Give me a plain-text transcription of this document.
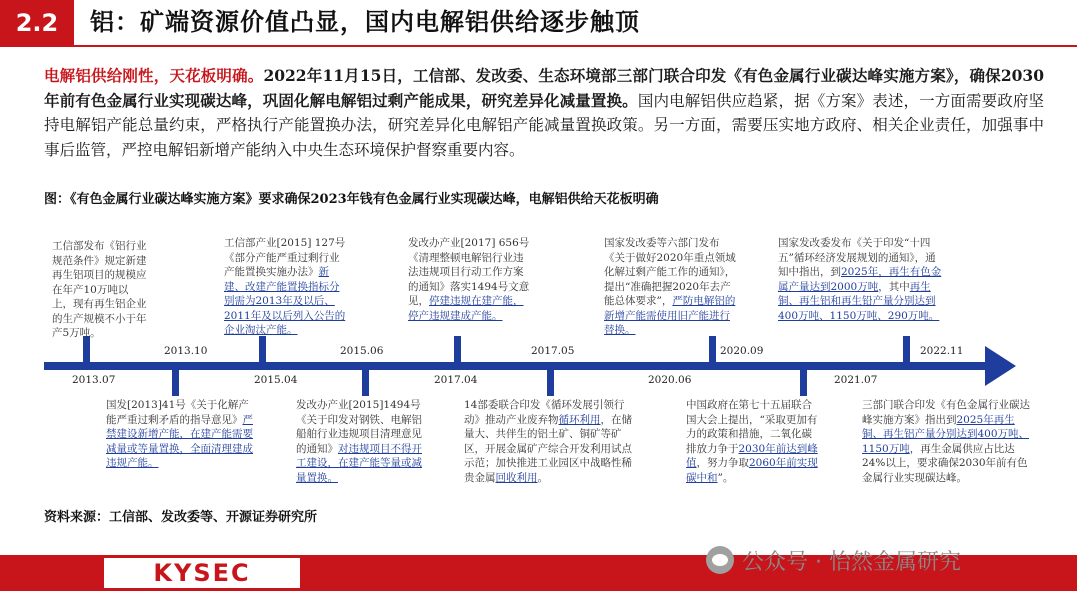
2.2	铝：矿端资源价值凸显，国内电解铝供给逐步触顶
电解铝供给刚性，天花板明确。2022年11月15日，工信部、发改委、生态环境部三部门联合印发《有色金属行业碳达峰实施方案》，确保2030年前有色金属行业实现碳达峰，巩固化解电解铝过剩产能成果，研究差异化减量置换。国内电解铝供应趋紧，据《方案》表述，一方面需要政府坚持电解铝产能总量约束，严格执行产能置换办法，研究差异化电解铝产能减量置换政策。另一方面，需要压实地方政府、相关企业责任，加强事中事后监管，严控电解铝新增产能纳入中央生态环境保护督察重要内容。
图：《有色金属行业碳达峰实施方案》要求确保2023年钱有色金属行业实现碳达峰，电解铝供给天花板明确
2013.10	2015.06	2017.05	2020.09	2022.11
2013.07	2015.04	2017.04	2020.06	2021.07
工信部发布《铝行业规范条件》规定新建再生铝项目的规模应在年产10万吨以上，现有再生铝企业的生产规模不小于年产5万吨。
工信部产业[2015] 127号《部分产能严重过剩行业产能置换实施办法》新建、改建产能置换指标分别需为2013年及以后、2011年及以后列入公告的企业淘汰产能。
发改办产业[2017] 656号《清理整顿电解铝行业违法违规项目行动工作方案的通知》落实1494号文意见，停建违规在建产能，停产违规建成产能。
国家发改委等六部门发布《关于做好2020年重点领域化解过剩产能工作的通知》，提出“准确把握2020年去产能总体要求”，严防电解铝的新增产能需使用旧产能进行替换。
国家发改委发布《关于印发“十四五”循环经济发展规划的通知》，通知中指出，到2025年，再生有色金属产量达到2000万吨，其中再生铜、再生铝和再生铅产量分别达到400万吨、1150万吨、290万吨。
国发[2013]41号《关于化解产能严重过剩矛盾的指导意见》严禁建设新增产能，在建产能需要减量或等量置换，全面清理建成违规产能。
发改办产业[2015]1494号《关于印发对钢铁、电解铝船舶行业违规项目清理意见的通知》对违规项目不得开工建设，在建产能等量或减量置换。
14部委联合印发《循环发展引领行动》推动产业废弃物循环利用，在储量大、共伴生的铝土矿、铜矿等矿区，开展金属矿产综合开发利用试点示范；加快推进工业园区中战略性稀贵金属回收利用。
中国政府在第七十五届联合国大会上提出，“采取更加有力的政策和措施，二氧化碳排放力争于2030年前达到峰值，努力争取2060年前实现碳中和”。
三部门联合印发《有色金属行业碳达峰实施方案》指出到2025年再生铜、再生铝产量分别达到400万吨、1150万吨，再生金属供应占比达24%以上，要求确保2030年前有色金属行业实现碳达峰。
资料来源：工信部、发改委等、开源证券研究所
KYSEC	公众号 · 怡然金属研究
